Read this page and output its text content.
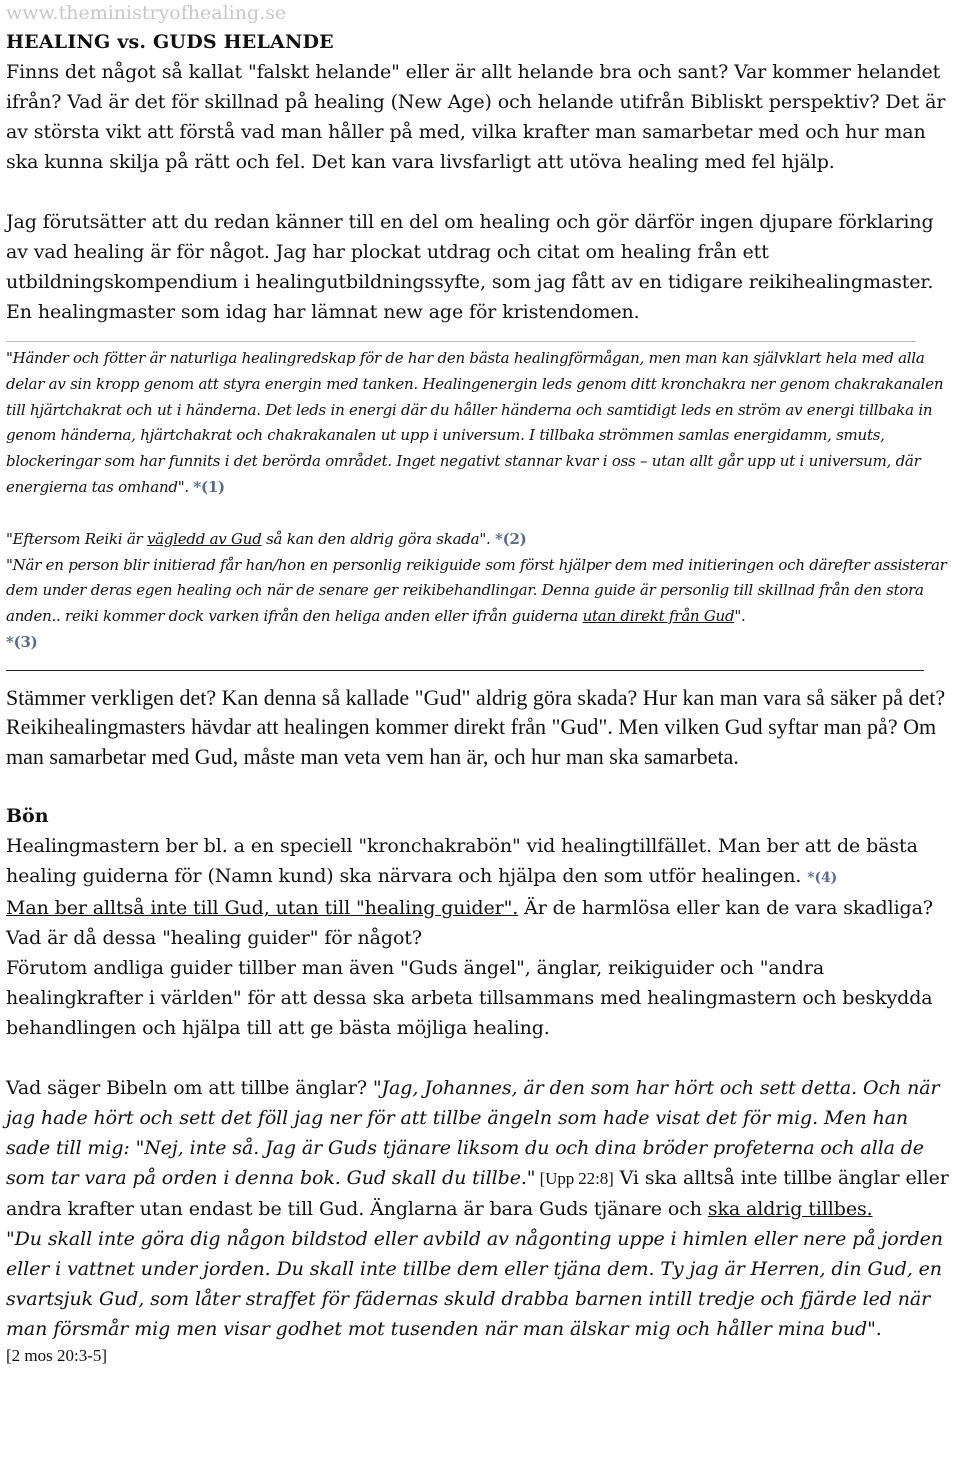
www.theministryofhealing.se
HEALING vs. GUDS HELANDE

Finns det något så kallat "falskt helande" eller är allt helande bra och sant? Var kommer helandet ifrån? Vad är det för skillnad på healing (New Age) och helande utifrån Bibliskt perspektiv? Det är av största vikt att förstå vad man håller på med, vilka krafter man samarbetar med och hur man ska kunna skilja på rätt och fel. Det kan vara livsfarligt att utöva healing med fel hjälp.

Jag förutsätter att du redan känner till en del om healing och gör därför ingen djupare förklaring av vad healing är för något. Jag har plockat utdrag och citat om healing från ett utbildningskompendium i healingutbildningssyfte, som jag fått av en tidigare reikihealingmaster. En healingmaster som idag har lämnat new age för kristendomen.

"Händer och fötter är naturliga healingredskap för de har den bästa healingförmågan, men man kan självklart hela med alla delar av sin kropp genom att styra energin med tanken. Healingenergin leds genom ditt kronchakra ner genom chakrakanalen till hjärtchakrat och ut i händerna. Det leds in energi där du håller händerna och samtidigt leds en ström av energi tillbaka in genom händerna, hjärtchakrat och chakrakanalen ut upp i universum. I tillbaka strömmen samlas energidamm, smuts, blockeringar som har funnits i det berörda området. Inget negativt stannar kvar i oss – utan allt går upp ut i universum, där energierna tas omhand". *(1)

"Eftersom Reiki är vägledd av Gud så kan den aldrig göra skada". *(2)

"När en person blir initierad får han/hon en personlig reikiguide som först hjälper dem med initieringen och därefter assisterar dem under deras egen healing och när de senare ger reikibehandlingar. Denna guide är personlig till skillnad från den stora anden.. reiki kommer dock varken ifrån den heliga anden eller ifrån guiderna utan direkt från Gud".
*(3)

Stämmer verkligen det? Kan denna så kallade "Gud" aldrig göra skada? Hur kan man vara så säker på det? Reikihealingmasters hävdar att healingen kommer direkt från "Gud". Men vilken Gud syftar man på? Om man samarbetar med Gud, måste man veta vem han är, och hur man ska samarbeta.

Bön

Healingmastern ber bl. a en speciell "kronchakrabön" vid healingtillfället. Man ber att de bästa healing guiderna för (Namn kund) ska närvara och hjälpa den som utför healingen. *(4)
Man ber alltså inte till Gud, utan till "healing guider". Är de harmlösa eller kan de vara skadliga? Vad är då dessa "healing guider" för något?

Förutom andliga guider tillber man även "Guds ängel", änglar, reikiguider och "andra healingkrafter i världen" för att dessa ska arbeta tillsammans med healingmastern och beskydda behandlingen och hjälpa till att ge bästa möjliga healing.

Vad säger Bibeln om att tillbe änglar? "Jag, Johannes, är den som har hört och sett detta. Och när jag hade hört och sett det föll jag ner för att tillbe ängeln som hade visat det för mig. Men han sade till mig: "Nej, inte så. Jag är Guds tjänare liksom du och dina bröder profeterna och alla de som tar vara på orden i denna bok. Gud skall du tillbe." [Upp 22:8] Vi ska alltså inte tillbe änglar eller andra krafter utan endast be till Gud. Änglarna är bara Guds tjänare och ska aldrig tillbes.

"Du skall inte göra dig någon bildstod eller avbild av någonting uppe i himlen eller nere på jorden eller i vattnet under jorden. Du skall inte tillbe dem eller tjäna dem. Ty jag är Herren, din Gud, en svartsjuk Gud, som låter straffet för fädernas skuld drabba barnen intill tredje och fjärde led när man försmår mig men visar godhet mot tusenden när man älskar mig och håller mina bud".

[2 mos 20:3-5]
